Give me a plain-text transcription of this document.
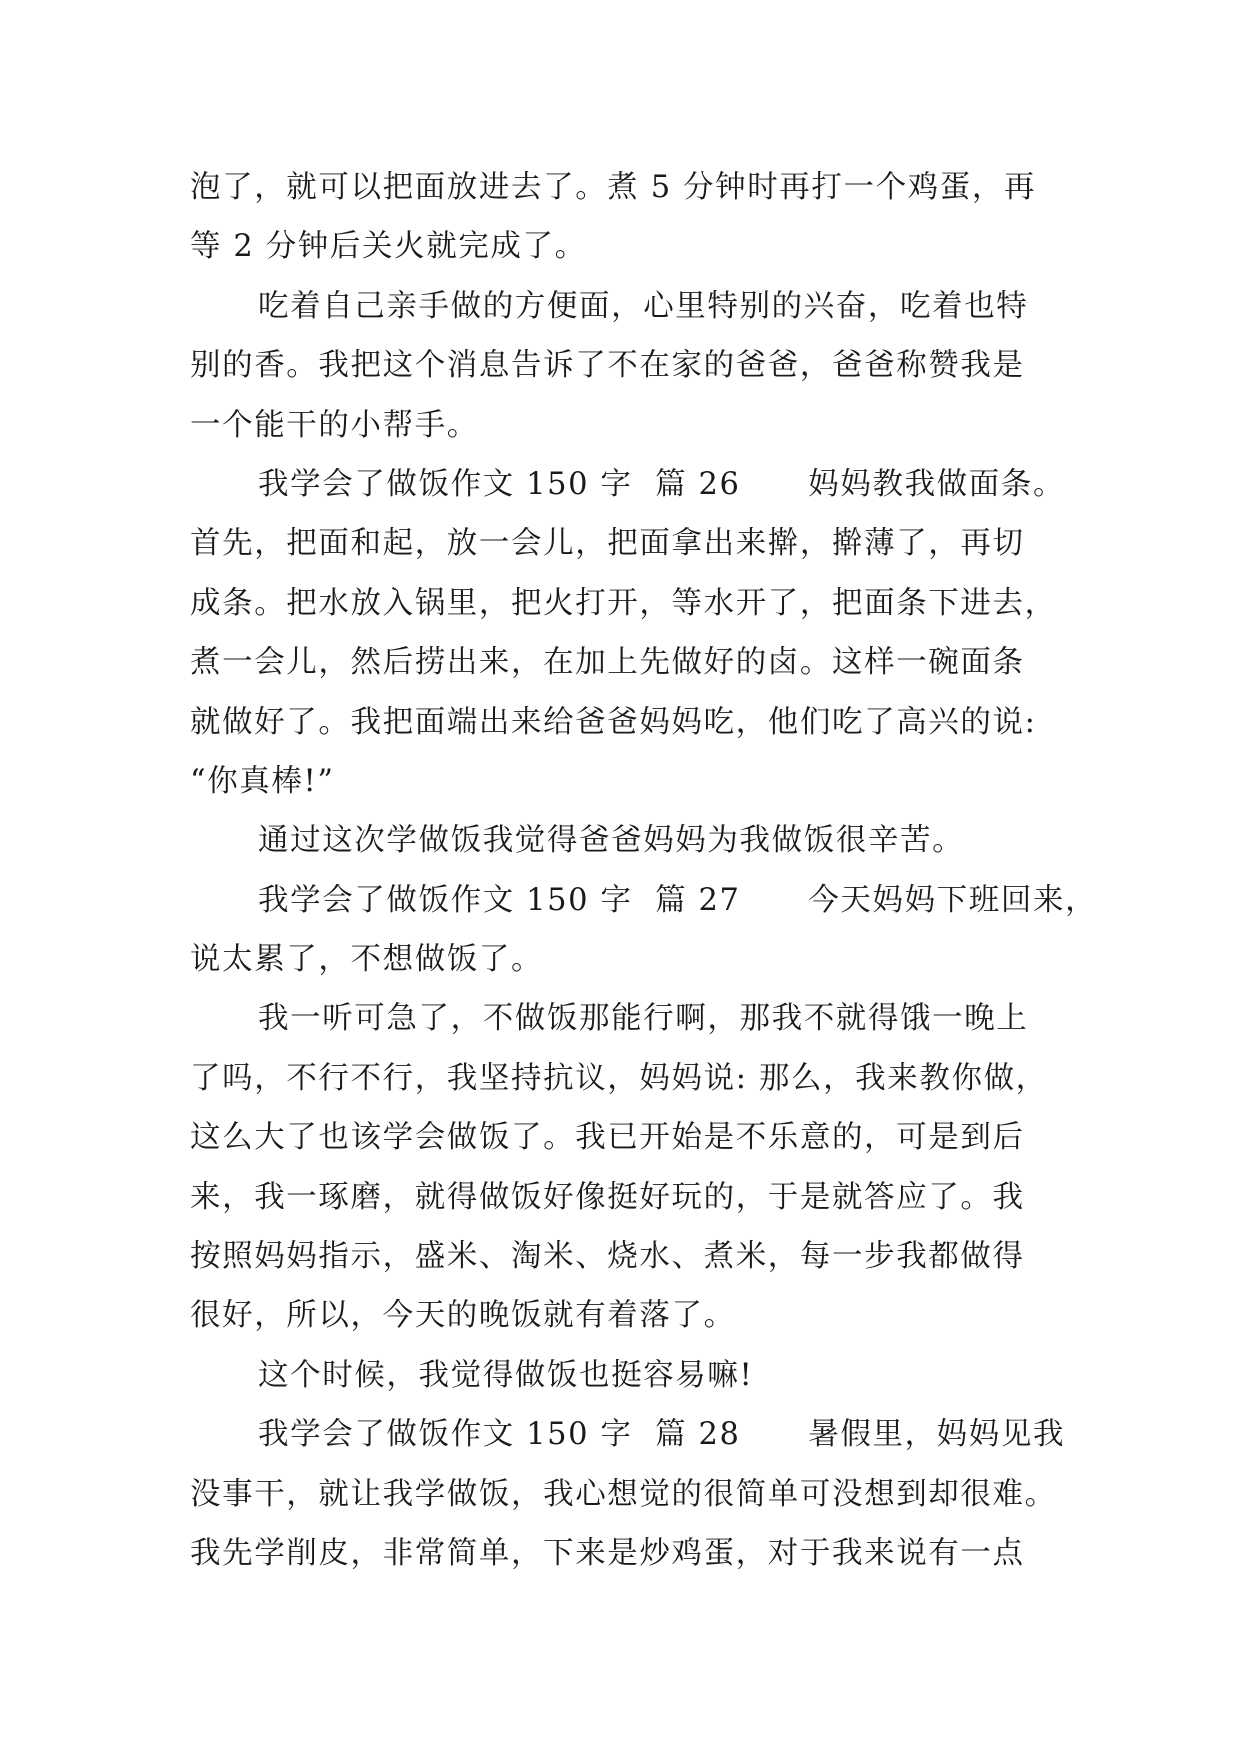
泡了，就可以把面放进去了。煮 5 分钟时再打一个鸡蛋，再
等 2 分钟后关火就完成了。
吃着自己亲手做的方便面，心里特别的兴奋，吃着也特
别的香。我把这个消息告诉了不在家的爸爸，爸爸称赞我是
一个能干的小帮手。
我学会了做饭作文 150 字  篇 26      妈妈教我做面条。
首先，把面和起，放一会儿，把面拿出来擀，擀薄了，再切
成条。把水放入锅里，把火打开，等水开了，把面条下进去，
煮一会儿，然后捞出来，在加上先做好的卤。这样一碗面条
就做好了。我把面端出来给爸爸妈妈吃，他们吃了高兴的说:
“你真棒!”
通过这次学做饭我觉得爸爸妈妈为我做饭很辛苦。
我学会了做饭作文 150 字  篇 27      今天妈妈下班回来，
说太累了，不想做饭了。
我一听可急了，不做饭那能行啊，那我不就得饿一晚上
了吗，不行不行，我坚持抗议，妈妈说: 那么，我来教你做，
这么大了也该学会做饭了。我已开始是不乐意的，可是到后
来，我一琢磨，就得做饭好像挺好玩的，于是就答应了。我
按照妈妈指示，盛米、淘米、烧水、煮米，每一步我都做得
很好，所以，今天的晚饭就有着落了。
这个时候，我觉得做饭也挺容易嘛!
我学会了做饭作文 150 字  篇 28      暑假里，妈妈见我
没事干，就让我学做饭，我心想觉的很简单可没想到却很难。
我先学削皮，非常简单，下来是炒鸡蛋，对于我来说有一点
